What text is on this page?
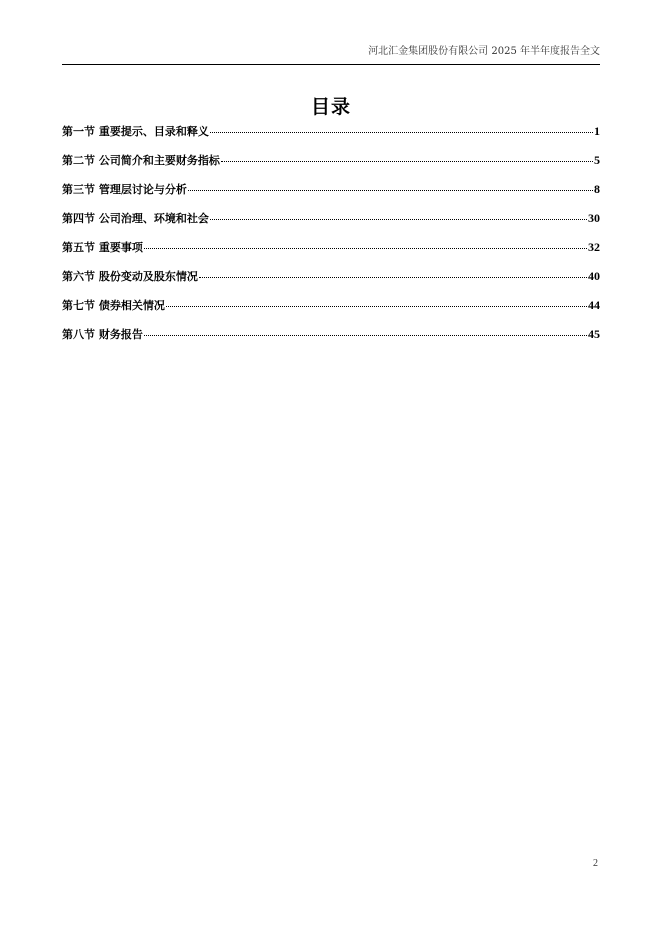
河北汇金集团股份有限公司 2025 年半年度报告全文
目录
第一节 重要提示、目录和释义	1
第二节 公司简介和主要财务指标	5
第三节 管理层讨论与分析	8
第四节 公司治理、环境和社会	30
第五节 重要事项	32
第六节 股份变动及股东情况	40
第七节 债券相关情况	44
第八节 财务报告	45
2
